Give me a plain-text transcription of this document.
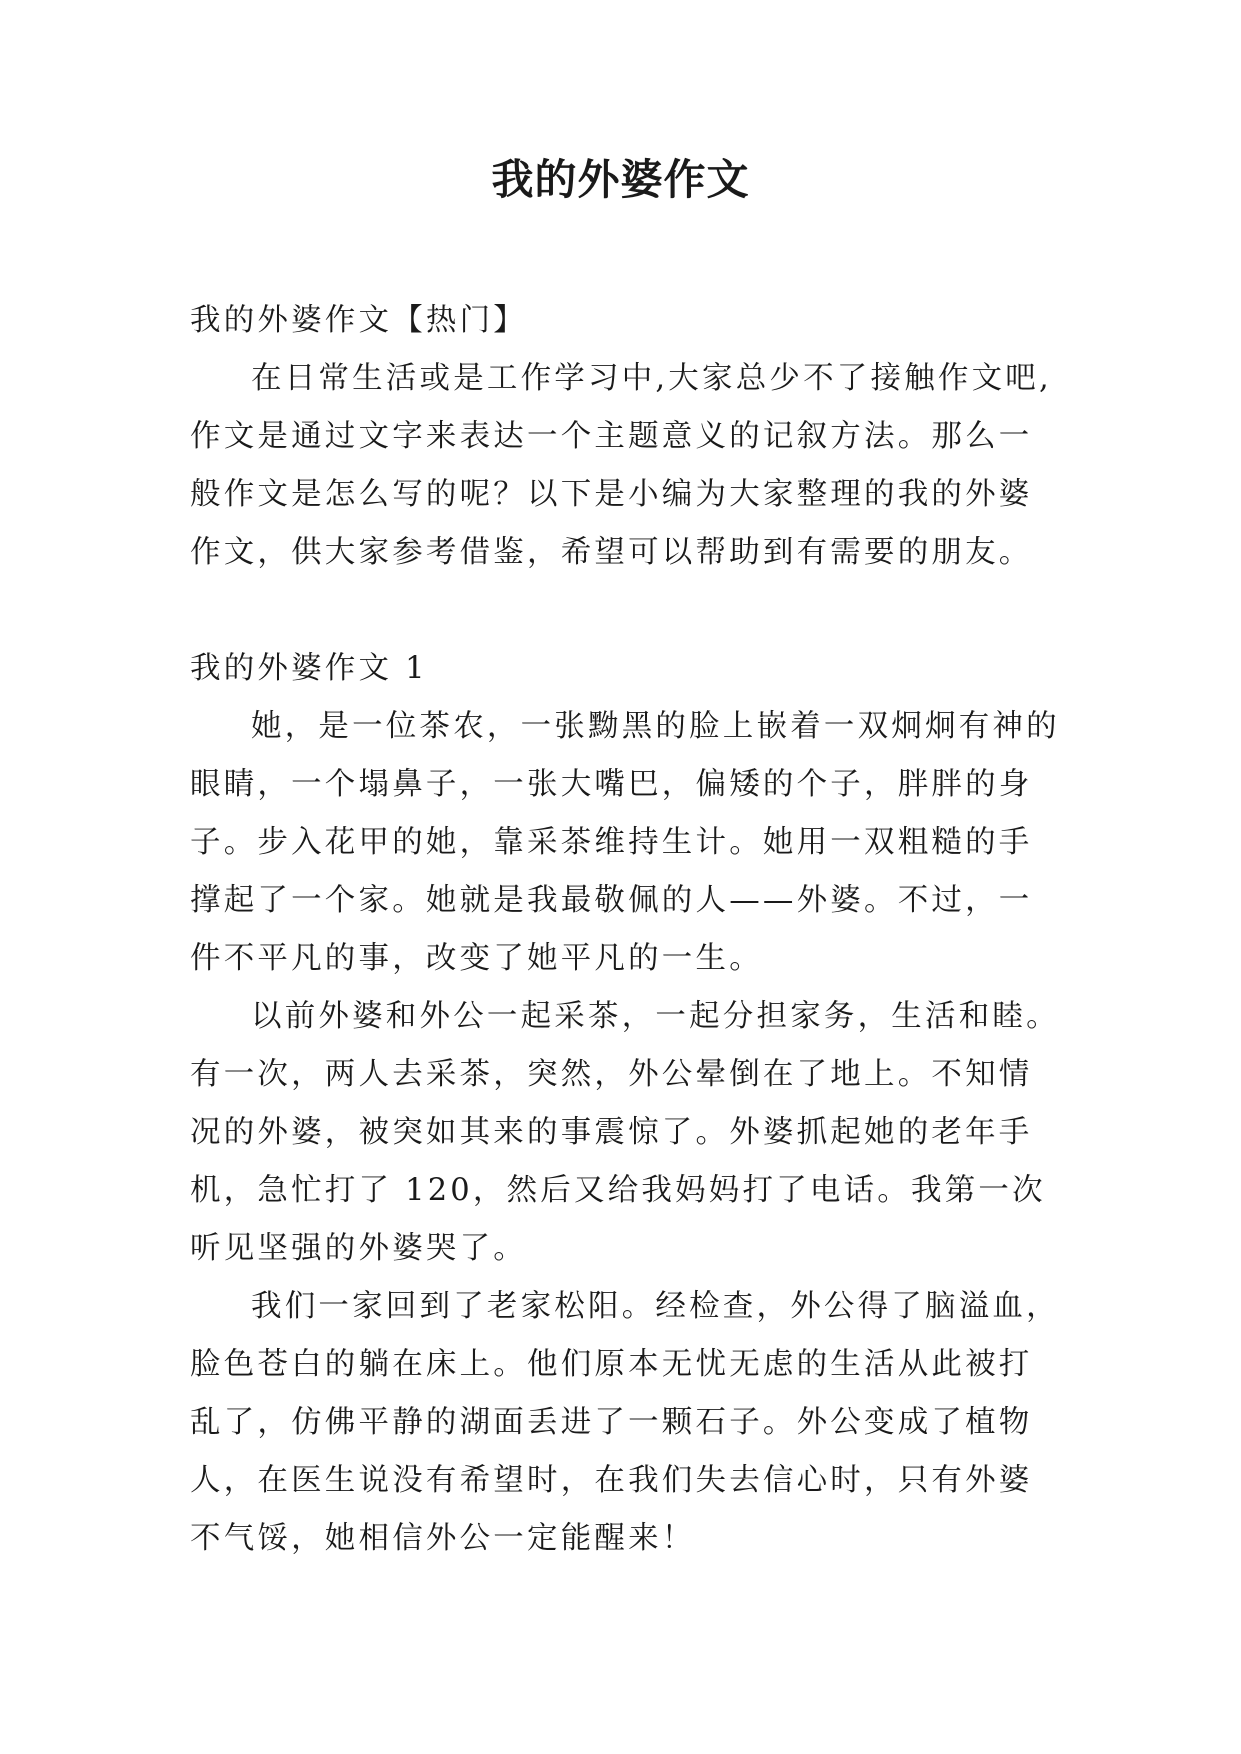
我的外婆作文

我的外婆作文【热门】

在日常生活或是工作学习中,大家总少不了接触作文吧,作文是通过文字来表达一个主题意义的记叙方法。那么一般作文是怎么写的呢？以下是小编为大家整理的我的外婆作文，供大家参考借鉴，希望可以帮助到有需要的朋友。

我的外婆作文 1

她，是一位茶农，一张黝黑的脸上嵌着一双炯炯有神的眼睛，一个塌鼻子，一张大嘴巴，偏矮的个子，胖胖的身子。步入花甲的她，靠采茶维持生计。她用一双粗糙的手撑起了一个家。她就是我最敬佩的人——外婆。不过，一件不平凡的事，改变了她平凡的一生。

以前外婆和外公一起采茶，一起分担家务，生活和睦。有一次，两人去采茶，突然，外公晕倒在了地上。不知情况的外婆，被突如其来的事震惊了。外婆抓起她的老年手机，急忙打了 120，然后又给我妈妈打了电话。我第一次听见坚强的外婆哭了。

我们一家回到了老家松阳。经检查，外公得了脑溢血，脸色苍白的躺在床上。他们原本无忧无虑的生活从此被打乱了，仿佛平静的湖面丢进了一颗石子。外公变成了植物人，在医生说没有希望时，在我们失去信心时，只有外婆不气馁，她相信外公一定能醒来！
